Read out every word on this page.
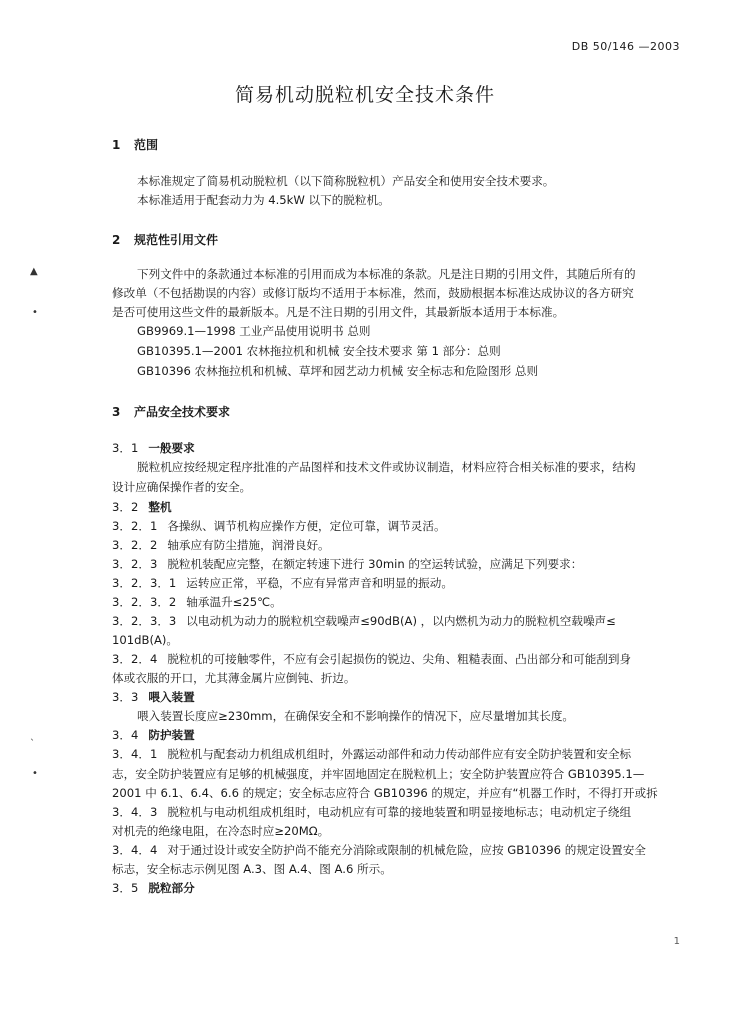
DB 50/146 —2003
简易机动脱粒机安全技术条件
1 范围
本标准规定了简易机动脱粒机（以下简称脱粒机）产品安全和使用安全技术要求。
本标准适用于配套动力为 4.5kW 以下的脱粒机。
2 规范性引用文件
▲
•
下列文件中的条款通过本标准的引用而成为本标准的条款。凡是注日期的引用文件，其随后所有的
修改单（不包括勘误的内容）或修订版均不适用于本标准，然而，鼓励根据本标准达成协议的各方研究
是否可使用这些文件的最新版本。凡是不注日期的引用文件，其最新版本适用于本标准。
GB9969.1—1998 工业产品使用说明书 总则
GB10395.1—2001 农林拖拉机和机械 安全技术要求 第 1 部分：总则
GB10396 农林拖拉机和机械、草坪和园艺动力机械 安全标志和危险图形 总则
3 产品安全技术要求
3．1 一般要求
脱粒机应按经规定程序批准的产品图样和技术文件或协议制造，材料应符合相关标准的要求，结构
设计应确保操作者的安全。
3．2 整机
3．2．1 各操纵、调节机构应操作方便，定位可靠，调节灵活。
3．2．2 轴承应有防尘措施，润滑良好。
3．2．3 脱粒机装配应完整，在额定转速下进行 30min 的空运转试验，应满足下列要求：
3．2．3．1 运转应正常，平稳，不应有异常声音和明显的振动。
3．2．3．2 轴承温升≤25℃。
3．2．3．3 以电动机为动力的脱粒机空载噪声≤90dB(A) ，以内燃机为动力的脱粒机空载噪声≤
101dB(A)。
3．2．4 脱粒机的可接触零件，不应有会引起损伤的锐边、尖角、粗糙表面、凸出部分和可能刮到身
体或衣服的开口，尤其薄金属片应倒钝、折边。
3．3 喂入装置
喂入装置长度应≥230mm，在确保安全和不影响操作的情况下，应尽量增加其长度。
ˎ	3．4 防护装置
•
3．4．1 脱粒机与配套动力机组成机组时，外露运动部件和动力传动部件应有安全防护装置和安全标
志，安全防护装置应有足够的机械强度，并牢固地固定在脱粒机上；安全防护装置应符合 GB10395.1—
2001 中 6.1、6.4、6.6 的规定；安全标志应符合 GB10396 的规定，并应有“机器工作时，不得打开或拆
3．4．3 脱粒机与电动机组成机组时，电动机应有可靠的接地装置和明显接地标志；电动机定子绕组
对机壳的绝缘电阻，在冷态时应≥20MΩ。
3．4．4 对于通过设计或安全防护尚不能充分消除或限制的机械危险，应按 GB10396 的规定设置安全
标志，安全标志示例见图 A.3、图 A.4、图 A.6 所示。
3．5 脱粒部分
1
